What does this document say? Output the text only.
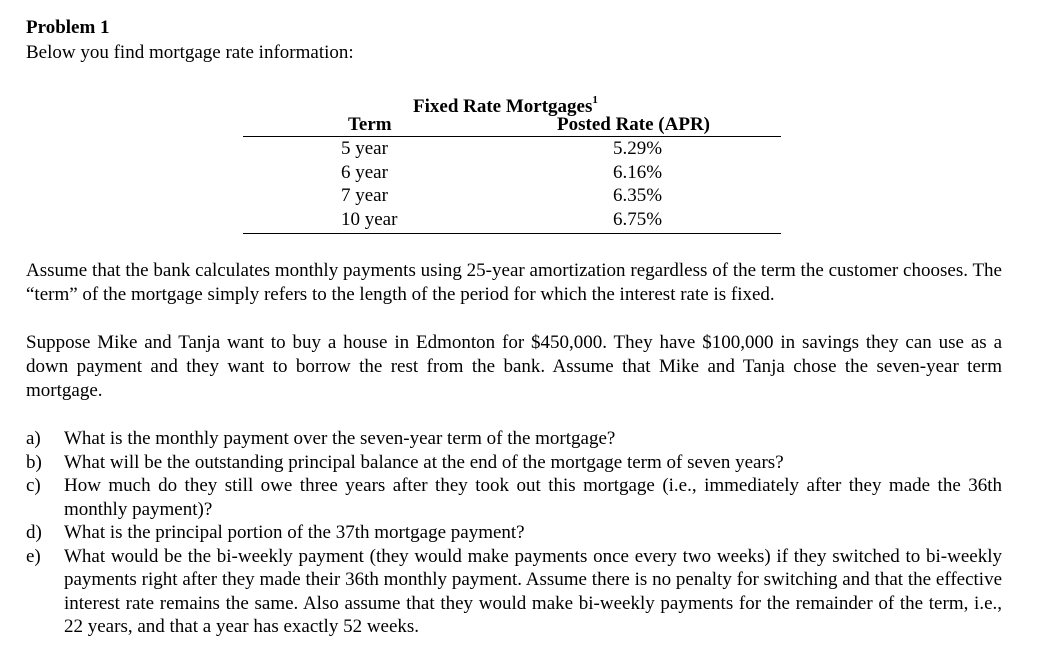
Problem 1
Below you find mortgage rate information:
Fixed Rate Mortgages$^1$
Term	Posted Rate (APR)
5 year	5.29%
6 year	6.16%
7 year	6.35%
10 year	6.75%
Assume that the bank calculates monthly payments using 25-year amortization regardless of the term the customer chooses. The “term” of the mortgage simply refers to the length of the period for which the interest rate is fixed.
Suppose Mike and Tanja want to buy a house in Edmonton for $450,000. They have $100,000 in savings they can use as a down payment and they want to borrow the rest from the bank. Assume that Mike and Tanja chose the seven-year term mortgage.
a) What is the monthly payment over the seven-year term of the mortgage?
b) What will be the outstanding principal balance at the end of the mortgage term of seven years?
c) How much do they still owe three years after they took out this mortgage (i.e., immediately after they made the 36th monthly payment)?
d) What is the principal portion of the 37th mortgage payment?
e) What would be the bi-weekly payment (they would make payments once every two weeks) if they switched to bi-weekly payments right after they made their 36th monthly payment. Assume there is no penalty for switching and that the effective interest rate remains the same. Also assume that they would make bi-weekly payments for the remainder of the term, i.e., 22 years, and that a year has exactly 52 weeks.
